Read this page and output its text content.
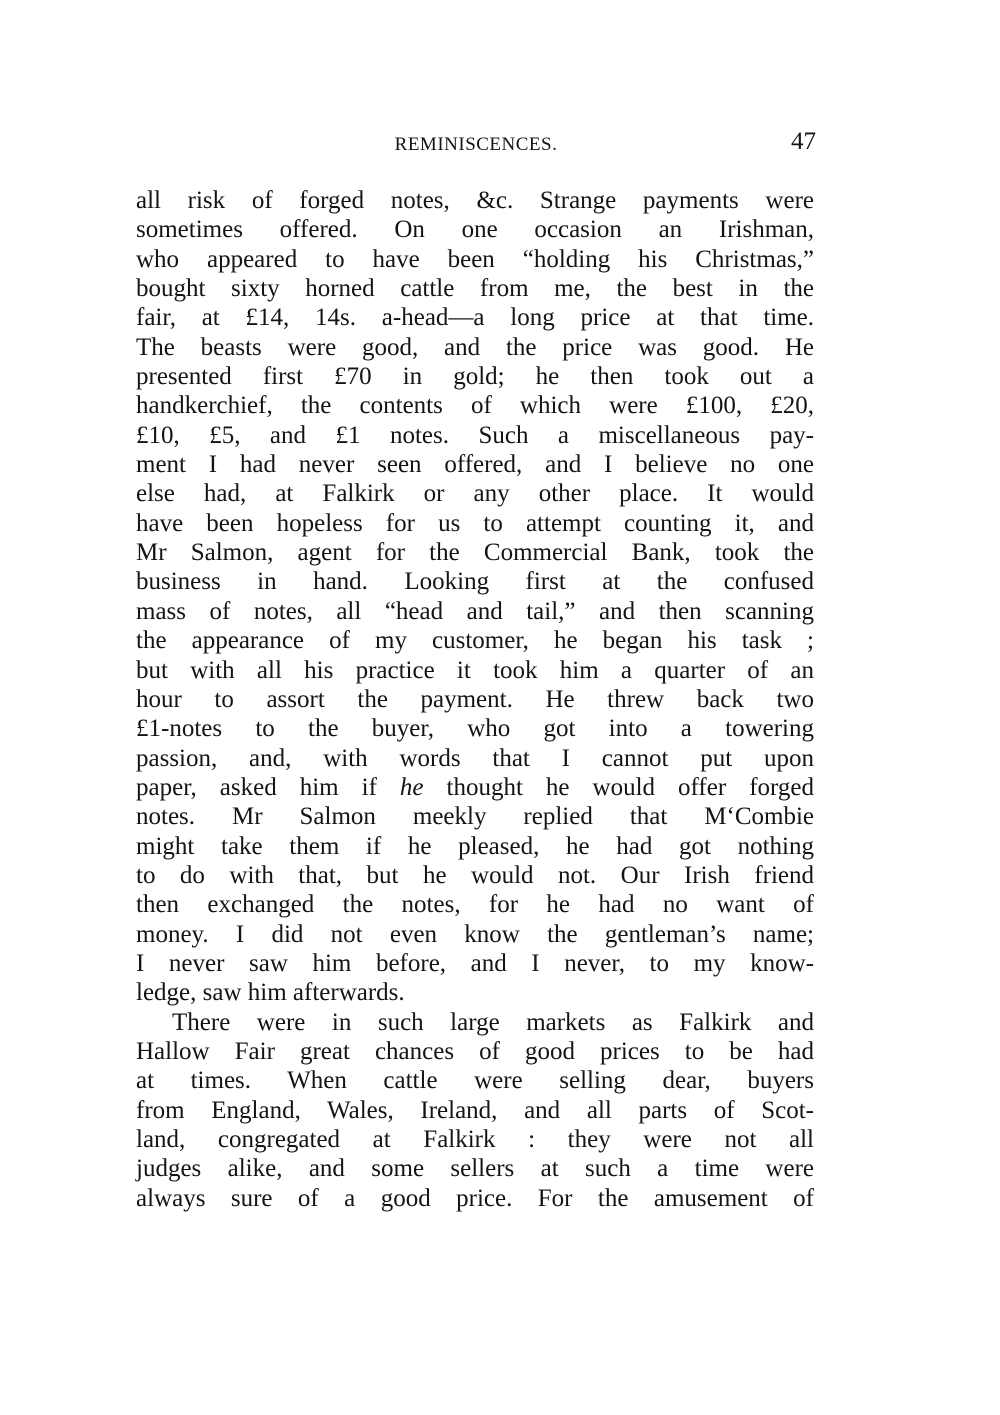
REMINISCENCES.	47
all risk of forged notes, &c. Strange payments were
sometimes offered. On one occasion an Irishman,
who appeared to have been “holding his Christmas,”
bought sixty horned cattle from me, the best in the
fair, at £14, 14s. a-head—a long price at that time.
The beasts were good, and the price was good. He
presented first £70 in gold; he then took out a
handkerchief, the contents of which were £100, £20,
£10, £5, and £1 notes. Such a miscellaneous pay-
ment I had never seen offered, and I believe no one
else had, at Falkirk or any other place. It would
have been hopeless for us to attempt counting it, and
Mr Salmon, agent for the Commercial Bank, took the
business in hand. Looking first at the confused
mass of notes, all “head and tail,” and then scanning
the appearance of my customer, he began his task ;
but with all his practice it took him a quarter of an
hour to assort the payment. He threw back two
£1-notes to the buyer, who got into a towering
passion, and, with words that I cannot put upon
paper, asked him if he thought he would offer forged
notes. Mr Salmon meekly replied that M‘Combie
might take them if he pleased, he had got nothing
to do with that, but he would not. Our Irish friend
then exchanged the notes, for he had no want of
money. I did not even know the gentleman’s name;
I never saw him before, and I never, to my know-
ledge, saw him afterwards.
There were in such large markets as Falkirk and
Hallow Fair great chances of good prices to be had
at times. When cattle were selling dear, buyers
from England, Wales, Ireland, and all parts of Scot-
land, congregated at Falkirk : they were not all
judges alike, and some sellers at such a time were
always sure of a good price. For the amusement of
